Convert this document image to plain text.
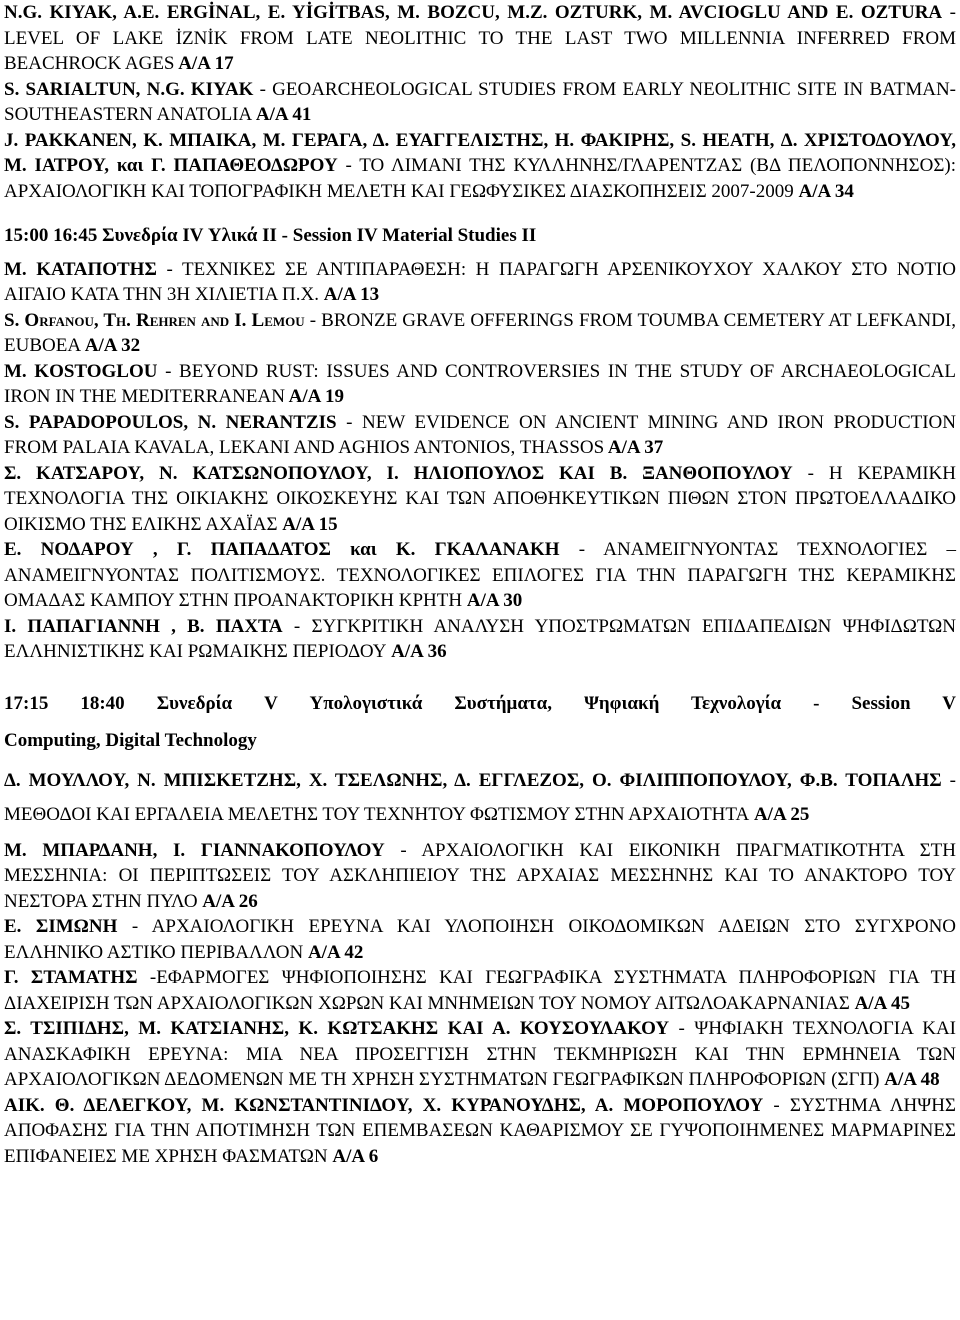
N.G. KIYAK, A.E. ERGİNAL, E. YİGİTBAS, M. BOZCU, M.Z. OZTURK, M. AVCIOGLU AND E. OZTURA - LEVEL OF LAKE İZNİK FROM LATE NEOLITHIC TO THE LAST TWO MILLENNIA INFERRED FROM BEACHROCK AGES A/A 17

S. SARIALTUN, N.G. KIYAK - GEOARCHEOLOGICAL STUDIES FROM EARLY NEOLITHIC SITE IN BATMAN- SOUTHEASTERN ANATOLIA A/A 41

J. PAKKANEN, K. ΜΠΑΙΚΑ, M. ΓΕΡΑΓΑ, Δ. ΕΥΑΓΓΕΛΙΣΤΗΣ, H. ΦΑΚΙΡΗΣ, S. HEATH, Δ. ΧΡΙΣΤΟΔΟΥΛΟΥ, M. ΙΑΤΡΟΥ, και Γ. ΠΑΠΑΘΕΟΔΩΡΟΥ - ΤΟ ΛΙΜΑΝΙ ΤΗΣ ΚΥΛΛΗΝΗΣ/ΓΛΑΡΕΝΤΖΑΣ (ΒΔ ΠΕΛΟΠΟΝΝΗΣΟΣ): ΑΡΧΑΙΟΛΟΓΙΚΗ ΚΑΙ ΤΟΠΟΓΡΑΦΙΚΗ ΜΕΛΕΤΗ ΚΑΙ ΓΕΩΦΥΣΙΚΕΣ ΔΙΑΣΚΟΠΗΣΕΙΣ 2007-2009 A/A 34

15:00 16:45 Συνεδρία IV Υλικά ΙΙ - Session IV Material Studies II

Μ. ΚΑΤΑΠΟΤΗΣ - ΤΕΧΝΙΚΕΣ ΣΕ ΑΝΤΙΠΑΡΑΘΕΣΗ: Η ΠΑΡΑΓΩΓΗ ΑΡΣΕΝΙΚΟΥΧΟΥ ΧΑΛΚΟΥ ΣΤΟ ΝΟΤΙΟ ΑΙΓΑΙΟ ΚΑΤΑ ΤΗΝ 3Η ΧΙΛΙΕΤΙΑ Π.Χ. A/A 13

S. Orfanou, Th. Rehren and I. Lemou - BRONZE GRAVE OFFERINGS FROM TOUMBA CEMETERY AT LEFKANDI, EUBOEA A/A 32

M. KOSTOGLOU - BEYOND RUST: ISSUES AND CONTROVERSIES IN THE STUDY OF ARCHAEOLOGICAL IRON IN THE MEDITERRANEAN A/A 19

S. PAPADOPOULOS, N. NERANTZIS - NEW EVIDENCE ON ANCIENT MINING AND IRON PRODUCTION FROM PALAIA KAVALA, LEKANI AND AGHIOS ANTONIOS, THASSOS A/A 37

Σ. ΚΑΤΣΑΡΟΥ, Ν. ΚΑΤΣΩΝΟΠΟΥΛΟΥ, Ι. ΗΛΙΟΠΟΥΛΟΣ ΚΑΙ Β. ΞΑΝΘΟΠΟΥΛΟΥ - Η ΚΕΡΑΜΙΚΗ ΤΕΧΝΟΛΟΓΙΑ ΤΗΣ ΟΙΚΙΑΚΗΣ ΟΙΚΟΣΚΕΥΗΣ ΚΑΙ ΤΩΝ ΑΠΟΘΗΚΕΥΤΙΚΩΝ ΠΙΘΩΝ ΣΤΟΝ ΠΡΩΤΟΕΛΛΑΔΙΚΟ ΟΙΚΙΣΜΟ ΤΗΣ ΕΛΙΚΗΣ ΑΧΑΪΑΣ A/A 15

Ε. ΝΟΔΑΡΟΥ , Γ. ΠΑΠΑΔΑΤΟΣ και Κ. ΓΚΑΛΑΝΑΚΗ - ΑΝΑΜΕΙΓΝΥΟΝΤΑΣ ΤΕΧΝΟΛΟΓΙΕΣ – ΑΝΑΜΕΙΓΝΥΟΝΤΑΣ ΠΟΛΙΤΙΣΜΟΥΣ. ΤΕΧΝΟΛΟΓΙΚΕΣ ΕΠΙΛΟΓΕΣ ΓΙΑ ΤΗΝ ΠΑΡΑΓΩΓΗ ΤΗΣ ΚΕΡΑΜΙΚΗΣ ΟΜΑΔΑΣ ΚΑΜΠΟΥ ΣΤΗΝ ΠΡΟΑΝΑΚΤΟΡΙΚΗ ΚΡΗΤΗ A/A 30

Ι. ΠΑΠΑΓΙΑΝΝΗ , Β. ΠΑΧΤΑ - ΣΥΓΚΡΙΤΙΚΗ ΑΝΑΛΥΣΗ ΥΠΟΣΤΡΩΜΑΤΩΝ ΕΠΙΔΑΠΕΔΙΩΝ ΨΗΦΙΔΩΤΩΝ ΕΛΛΗΝΙΣΤΙΚΗΣ ΚΑΙ ΡΩΜΑΙΚΗΣ ΠΕΡΙΟΔΟΥ A/A 36

17:15 18:40 Συνεδρία V Υπολογιστικά Συστήματα, Ψηφιακή Τεχνολογία - Session V

Computing, Digital Technology

Δ. ΜΟΥΛΛΟΥ, Ν. ΜΠΙΣΚΕΤΖΗΣ, Χ. ΤΣΕΛΩΝΗΣ, Δ. ΕΓΓΛΕΖΟΣ, Ο. ΦΙΛΙΠΠΟΠΟΥΛΟΥ, Φ.Β. ΤΟΠΑΛΗΣ - ΜΕΘΟΔΟΙ ΚΑΙ ΕΡΓΑΛΕΙΑ ΜΕΛΕΤΗΣ ΤΟΥ ΤΕΧΝΗΤΟΥ ΦΩΤΙΣΜΟΥ ΣΤΗΝ ΑΡΧΑΙΟΤΗΤΑ A/A 25

Μ. ΜΠΑΡΔΑΝΗ, Ι. ΓΙΑΝΝΑΚΟΠΟΥΛΟΥ - ΑΡΧΑΙΟΛΟΓΙΚΗ ΚΑΙ ΕΙΚΟΝΙΚΗ ΠΡΑΓΜΑΤΙΚΟΤΗΤΑ ΣΤΗ ΜΕΣΣΗΝΙΑ: ΟΙ ΠΕΡΙΠΤΩΣΕΙΣ ΤΟΥ ΑΣΚΛΗΠΙΕΙΟΥ ΤΗΣ ΑΡΧΑΙΑΣ ΜΕΣΣΗΝΗΣ ΚΑΙ ΤΟ ΑΝΑΚΤΟΡΟ ΤΟΥ ΝΕΣΤΟΡΑ ΣΤΗΝ ΠΥΛΟ A/A 26

Ε. ΣΙΜΩΝΗ - ΑΡΧΑΙΟΛΟΓΙΚΗ ΕΡΕΥΝΑ ΚΑΙ ΥΛΟΠΟΙΗΣΗ ΟΙΚΟΔΟΜΙΚΩΝ ΑΔΕΙΩΝ ΣΤΟ ΣΥΓΧΡΟΝΟ ΕΛΛΗΝΙΚΟ ΑΣΤΙΚΟ ΠΕΡΙΒΑΛΛΟΝ A/A 42

Γ. ΣΤΑΜΑΤΗΣ -ΕΦΑΡΜΟΓΕΣ ΨΗΦΙΟΠΟΙΗΣΗΣ ΚΑΙ ΓΕΩΓΡΑΦΙΚΑ ΣΥΣΤΗΜΑΤΑ ΠΛΗΡΟΦΟΡΙΩΝ ΓΙΑ ΤΗ ΔΙΑΧΕΙΡΙΣΗ ΤΩΝ ΑΡΧΑΙΟΛΟΓΙΚΩΝ ΧΩΡΩΝ ΚΑΙ ΜΝΗΜΕΙΩΝ ΤΟΥ ΝΟΜΟΥ ΑΙΤΩΛΟΑΚΑΡΝΑΝΙΑΣ A/A 45

Σ. ΤΣΙΠΙΔΗΣ, Μ. ΚΑΤΣΙΑΝΗΣ, Κ. ΚΩΤΣΑΚΗΣ ΚΑΙ Α. ΚΟΥΣΟΥΛΑΚΟΥ - ΨΗΦΙΑΚΗ ΤΕΧΝΟΛΟΓΙΑ ΚΑΙ ΑΝΑΣΚΑΦΙΚΗ ΕΡΕΥΝΑ: ΜΙΑ ΝΕΑ ΠΡΟΣΕΓΓΙΣΗ ΣΤΗΝ ΤΕΚΜΗΡΙΩΣΗ ΚΑΙ ΤΗΝ ΕΡΜΗΝΕΙΑ ΤΩΝ ΑΡΧΑΙΟΛΟΓΙΚΩΝ ΔΕΔΟΜΕΝΩΝ ΜΕ ΤΗ ΧΡΗΣΗ ΣΥΣΤΗΜΑΤΩΝ ΓΕΩΓΡΑΦΙΚΩΝ ΠΛΗΡΟΦΟΡΙΩΝ (ΣΓΠ) A/A 48

ΑΙΚ. Θ. ΔΕΛΕΓΚΟΥ, Μ. ΚΩΝΣΤΑΝΤΙΝΙΔΟΥ, Χ. ΚΥΡΑΝΟΥΔΗΣ, Α. ΜΟΡΟΠΟΥΛΟΥ - ΣΥΣΤΗΜΑ ΛΗΨΗΣ ΑΠΟΦΑΣΗΣ ΓΙΑ ΤΗΝ ΑΠΟΤΙΜΗΣΗ ΤΩΝ ΕΠΕΜΒΑΣΕΩΝ ΚΑΘΑΡΙΣΜΟΥ ΣΕ ΓΥΨΟΠΟΙΗΜΕΝΕΣ ΜΑΡΜΑΡΙΝΕΣ ΕΠΙΦΑΝΕΙΕΣ ΜΕ ΧΡΗΣΗ ΦΑΣΜΑΤΩΝ A/A 6
